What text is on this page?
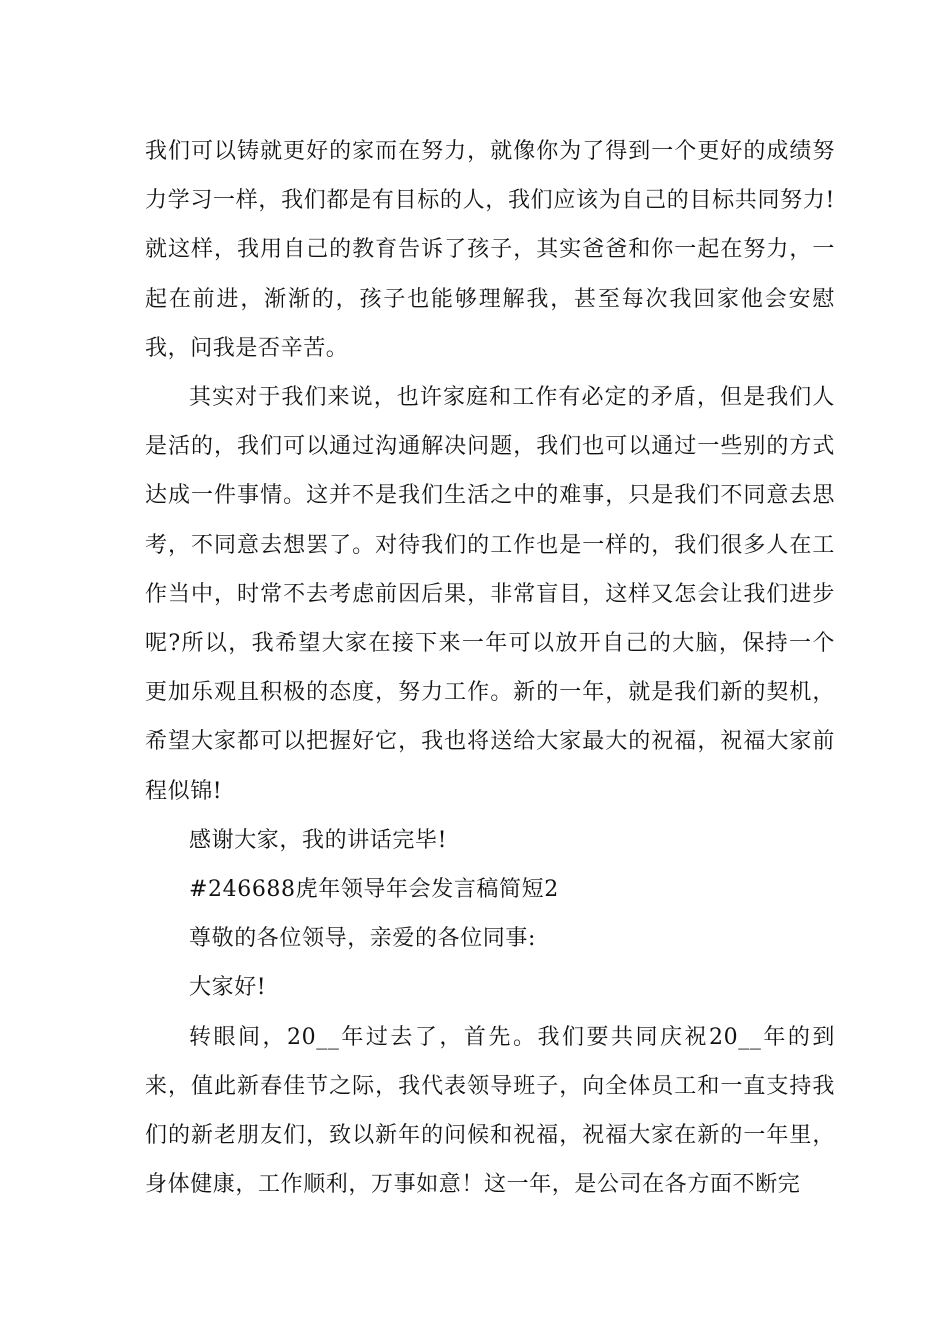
我们可以铸就更好的家而在努力，就像你为了得到一个更好的成绩努力学习一样，我们都是有目标的人，我们应该为自己的目标共同努力!就这样，我用自己的教育告诉了孩子，其实爸爸和你一起在努力，一起在前进，渐渐的，孩子也能够理解我，甚至每次我回家他会安慰我，问我是否辛苦。

其实对于我们来说，也许家庭和工作有必定的矛盾，但是我们人是活的，我们可以通过沟通解决问题，我们也可以通过一些别的方式达成一件事情。这并不是我们生活之中的难事，只是我们不同意去思考，不同意去想罢了。对待我们的工作也是一样的，我们很多人在工作当中，时常不去考虑前因后果，非常盲目，这样又怎会让我们进步呢?所以，我希望大家在接下来一年可以放开自己的大脑，保持一个更加乐观且积极的态度，努力工作。新的一年，就是我们新的契机，希望大家都可以把握好它，我也将送给大家最大的祝福，祝福大家前程似锦!

感谢大家，我的讲话完毕!

#246688虎年领导年会发言稿简短2

尊敬的各位领导，亲爱的各位同事:

大家好!

转眼间，20__年过去了，首先。我们要共同庆祝20__年的到来，值此新春佳节之际，我代表领导班子，向全体员工和一直支持我们的新老朋友们，致以新年的问候和祝福，祝福大家在新的一年里，身体健康，工作顺利，万事如意！这一年，是公司在各方面不断完
